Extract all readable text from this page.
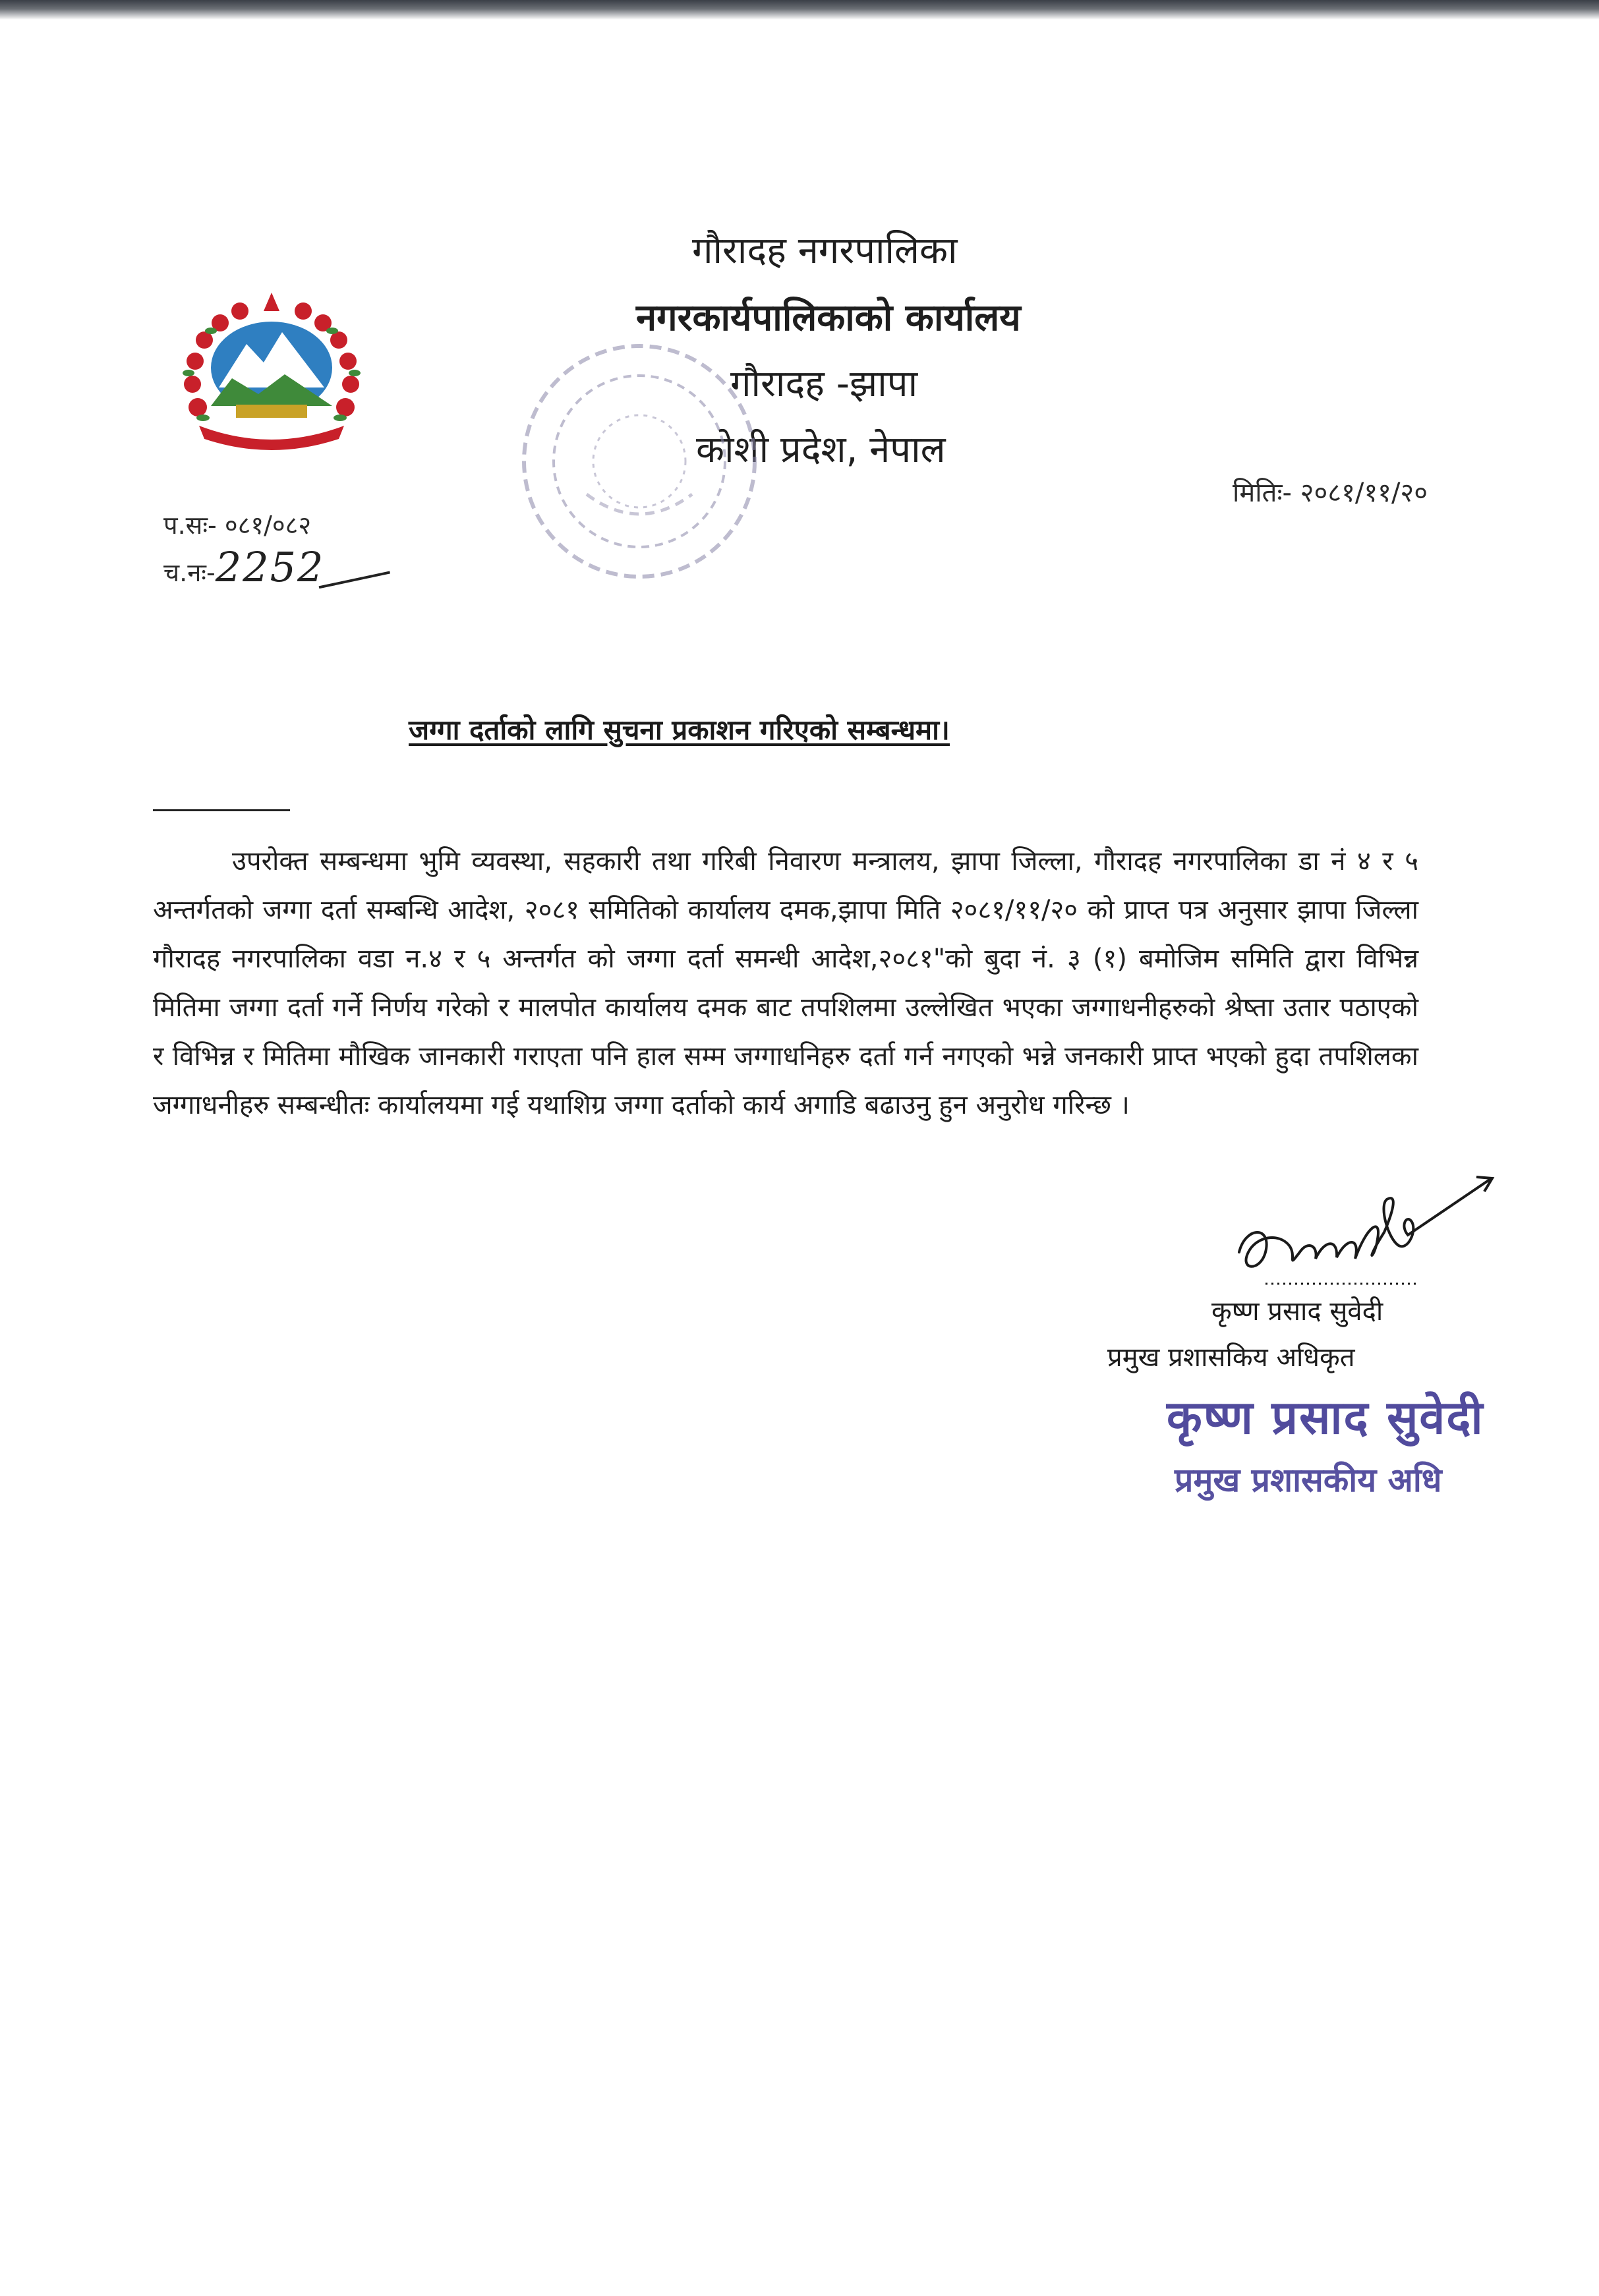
गौरादह नगरपालिका
नगरकार्यपालिकाको कार्यालय
गौरादह -झापा
कोशी प्रदेश, नेपाल
मितिः- २०८१/११/२०
प.सः- ०८१/०८२
च.नः-2252
जग्गा दर्ताको लागि सुचना प्रकाशन गरिएको सम्बन्धमा।
उपरोक्त सम्बन्धमा भुमि व्यवस्था, सहकारी तथा गरिबी निवारण मन्त्रालय, झापा जिल्ला, गौरादह नगरपालिका डा नं ४ र ५ अन्तर्गतको जग्गा दर्ता सम्बन्धि आदेश, २०८१ समितिको कार्यालय दमक,झापा मिति २०८१/११/२० को प्राप्त पत्र अनुसार झापा जिल्ला गौरादह नगरपालिका वडा न.४ र ५ अन्तर्गत को जग्गा दर्ता समन्धी आदेश,२०८१"को बुदा नं. ३ (१) बमोजिम समिति द्वारा विभिन्न मितिमा जग्गा दर्ता गर्ने निर्णय गरेको र मालपोत कार्यालय दमक बाट तपशिलमा उल्लेखित भएका जग्गाधनीहरुको श्रेष्ता उतार पठाएको र विभिन्न र मितिमा मौखिक जानकारी गराएता पनि हाल सम्म जग्गाधनिहरु दर्ता गर्न नगएको भन्ने जनकारी प्राप्त भएको हुदा तपशिलका जग्गाधनीहरु सम्बन्धीतः कार्यालयमा गई यथाशिग्र जग्गा दर्ताको कार्य अगाडि बढाउनु हुन अनुरोध गरिन्छ ।
कृष्ण प्रसाद सुवेदी
प्रमुख प्रशासकिय अधिकृत
कृष्ण प्रसाद सुवेदी
प्रमुख प्रशासकीय अधि
